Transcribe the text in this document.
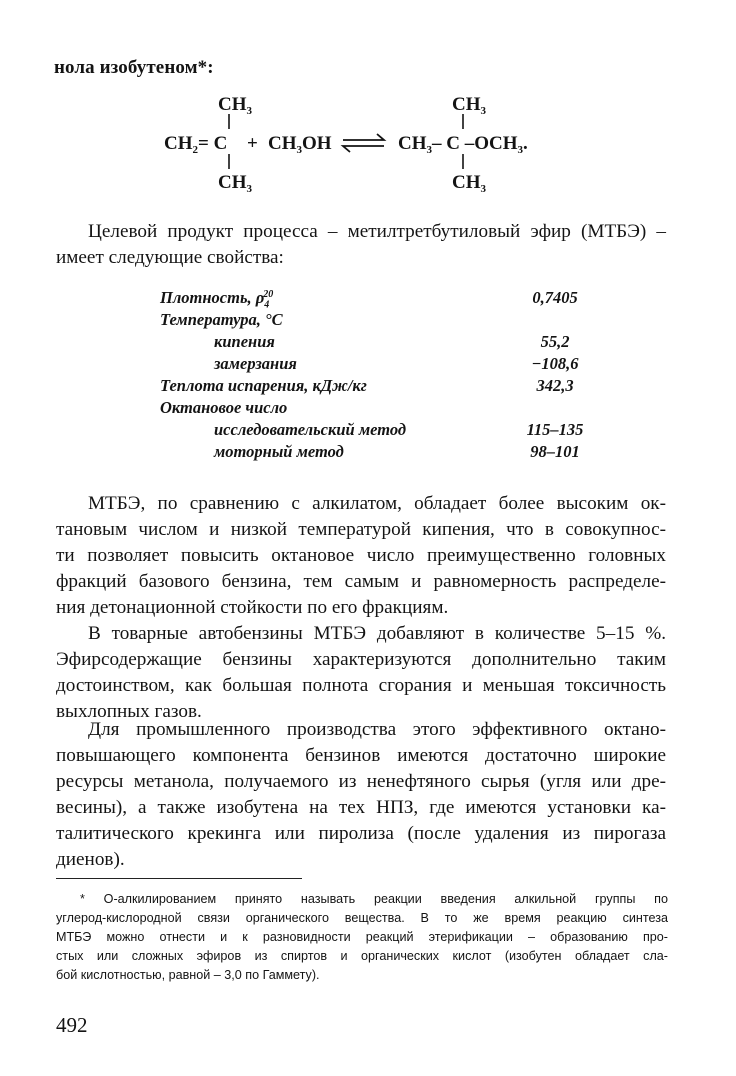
нола изобутеном*:
$CH_3$
$CH_2= C$
$CH_3$
+ $CH_3OH$
$CH_3$
$CH_3-$ C $-OCH_3$.
$CH_3$
Целевой продукт процесса – метилтретбутиловый эфир (МТБЭ) –
имеет следующие свойства:
Плотность, $\rho_4^{20}$	0,7405
Температура, °С
кипения	55,2
замерзания	−108,6
Теплота испарения, кДж/кг	342,3
Октановое число
исследовательский метод	115–135
моторный метод	98–101
МТБЭ, по сравнению с алкилатом, обладает более высоким ок-
тановым числом и низкой температурой кипения, что в совокупнос-
ти позволяет повысить октановое число преимущественно головных
фракций базового бензина, тем самым и равномерность распределе-
ния детонационной стойкости по его фракциям.
В товарные автобензины МТБЭ добавляют в количестве 5–15 %.
Эфирсодержащие бензины характеризуются дополнительно таким
достоинством, как большая полнота сгорания и меньшая токсичность
выхлопных газов.
Для промышленного производства этого эффективного октано-
повышающего компонента бензинов имеются достаточно широкие
ресурсы метанола, получаемого из ненефтяного сырья (угля или дре-
весины), а также изобутена на тех НПЗ, где имеются установки ка-
талитического крекинга или пиролиза (после удаления из пирогаза
диенов).
* О-алкилированием принято называть реакции введения алкильной группы по
углерод-кислородной связи органического вещества. В то же время реакцию синтеза
МТБЭ можно отнести и к разновидности реакций этерификации – образованию про-
стых или сложных эфиров из спиртов и органических кислот (изобутен обладает сла-
бой кислотностью, равной – 3,0 по Гаммету).
492
